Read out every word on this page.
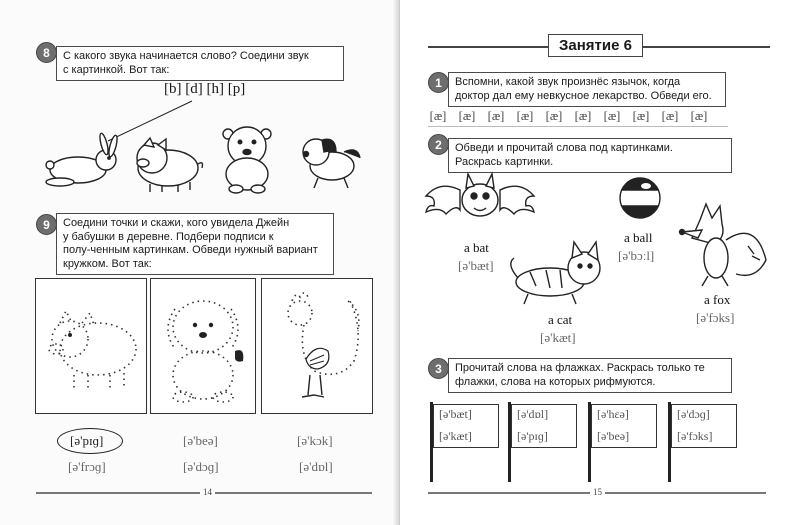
8 С какого звука начинается слово? Соедини звук
с картинкой. Вот так:
[b] [d] [h] [p]
9 Соедини точки и скажи, кого увидела Джейн
у бабушки в деревне. Подбери подписи к
полу-ченным картинкам. Обведи нужный вариант
кружком. Вот так:
[ə'pɪɡ]
[ə'frɔɡ]
[ə'beə]
[ə'dɔɡ]
[ə'kɔk]
[ə'dɒl]
14
Занятие 6
1 Вспомни, какой звук произнёс язычок, когда
доктор дал ему невкусное лекарство. Обведи его.
[æ] [æ] [æ] [æ] [æ] [æ] [æ] [æ] [æ] [æ]
2 Обведи и прочитай слова под картинками.
Раскрась картинки.
a bat
[ə'bæt]
a ball
[ə'bɔːl]
a cat
[ə'kæt]
a fox
[ə'fɔks]
3 Прочитай слова на флажках. Раскрась только те
флажки, слова на которых рифмуются.
[ə'bæt]
[ə'kæt]
[ə'dɒl]
[ə'pɪɡ]
[ə'hɛə]
[ə'beə]
[ə'dɔɡ]
[ə'fɔks]
15
